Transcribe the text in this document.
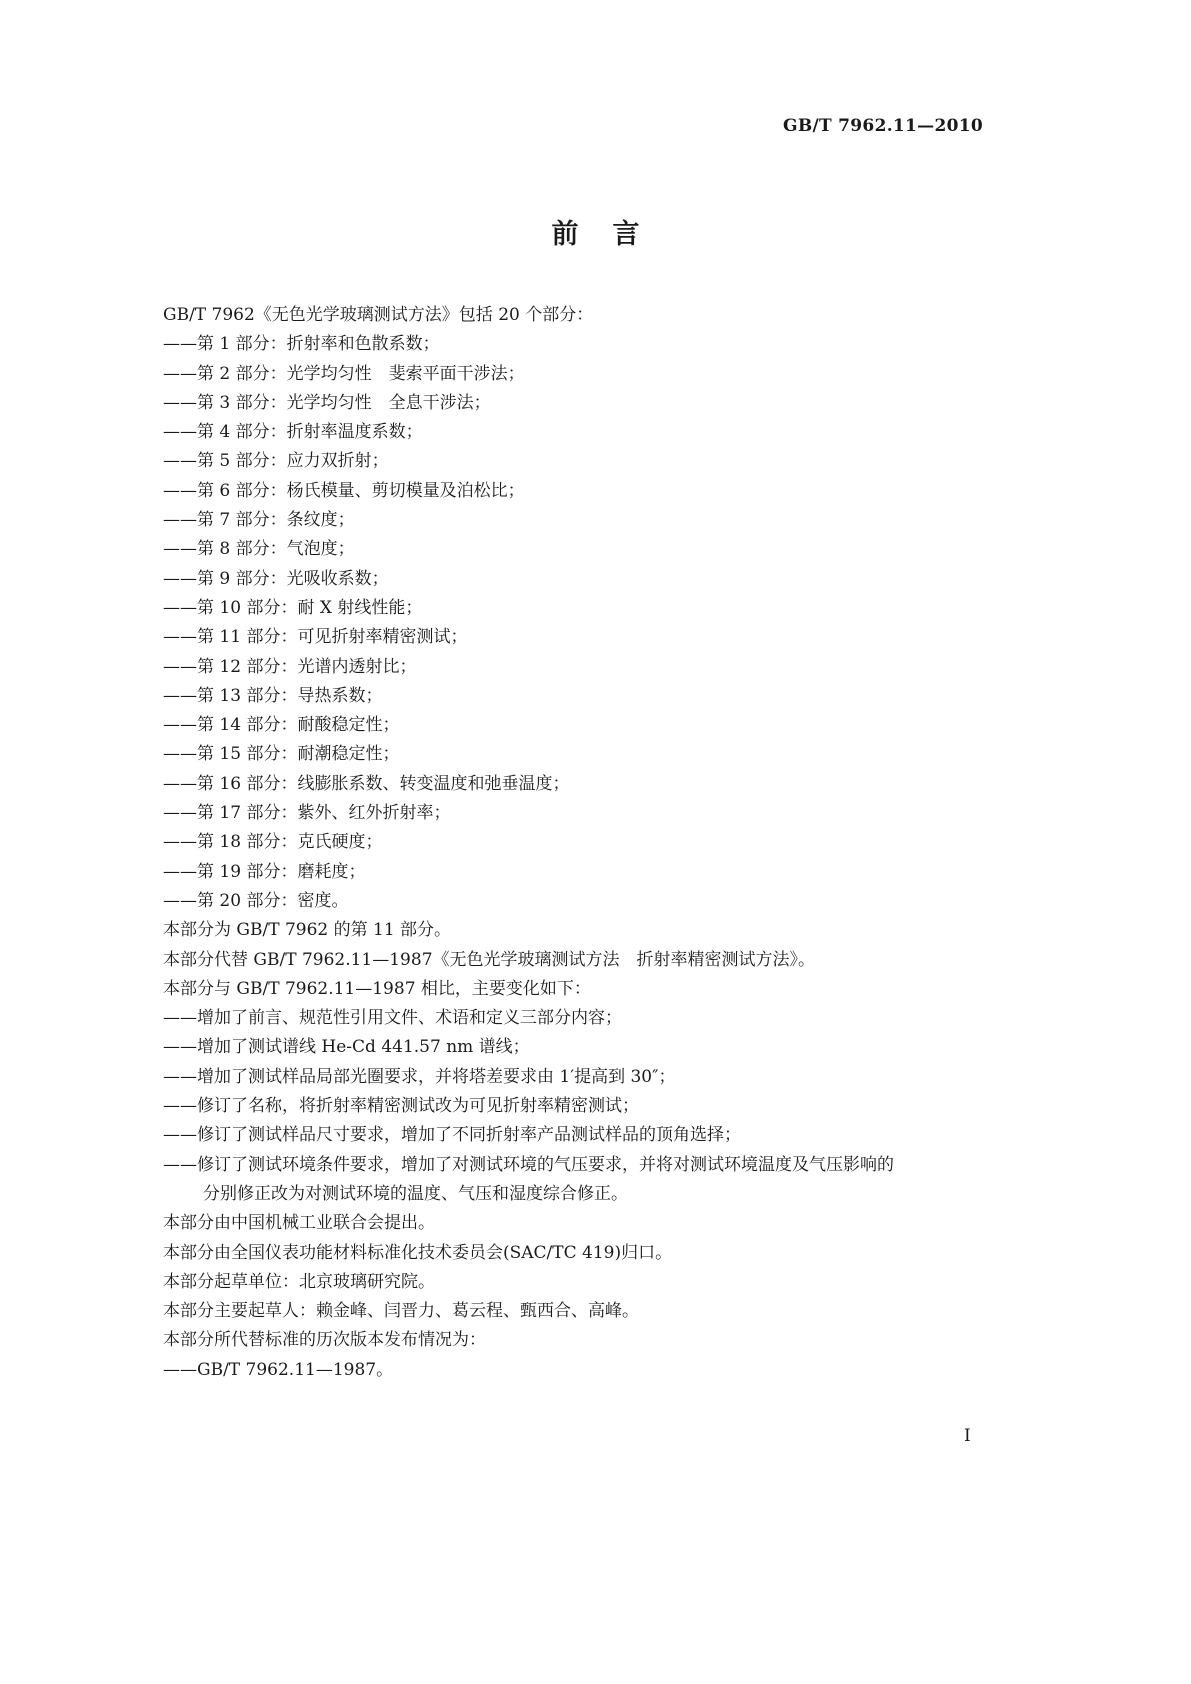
GB/T 7962.11—2010
前言
GB/T 7962《无色光学玻璃测试方法》包括 20 个部分：
——第 1 部分：折射率和色散系数；
——第 2 部分：光学均匀性　斐索平面干涉法；
——第 3 部分：光学均匀性　全息干涉法；
——第 4 部分：折射率温度系数；
——第 5 部分：应力双折射；
——第 6 部分：杨氏模量、剪切模量及泊松比；
——第 7 部分：条纹度；
——第 8 部分：气泡度；
——第 9 部分：光吸收系数；
——第 10 部分：耐 X 射线性能；
——第 11 部分：可见折射率精密测试；
——第 12 部分：光谱内透射比；
——第 13 部分：导热系数；
——第 14 部分：耐酸稳定性；
——第 15 部分：耐潮稳定性；
——第 16 部分：线膨胀系数、转变温度和弛垂温度；
——第 17 部分：紫外、红外折射率；
——第 18 部分：克氏硬度；
——第 19 部分：磨耗度；
——第 20 部分：密度。
本部分为 GB/T 7962 的第 11 部分。
本部分代替 GB/T 7962.11—1987《无色光学玻璃测试方法　折射率精密测试方法》。
本部分与 GB/T 7962.11—1987 相比，主要变化如下：
——增加了前言、规范性引用文件、术语和定义三部分内容；
——增加了测试谱线 He-Cd 441.57 nm 谱线；
——增加了测试样品局部光圈要求，并将塔差要求由 1′提高到 30″；
——修订了名称，将折射率精密测试改为可见折射率精密测试；
——修订了测试样品尺寸要求，增加了不同折射率产品测试样品的顶角选择；
——修订了测试环境条件要求，增加了对测试环境的气压要求，并将对测试环境温度及气压影响的
分别修正改为对测试环境的温度、气压和湿度综合修正。
本部分由中国机械工业联合会提出。
本部分由全国仪表功能材料标准化技术委员会(SAC/TC 419)归口。
本部分起草单位：北京玻璃研究院。
本部分主要起草人：赖金峰、闫晋力、葛云程、甄西合、高峰。
本部分所代替标准的历次版本发布情况为：
——GB/T 7962.11—1987。
I
